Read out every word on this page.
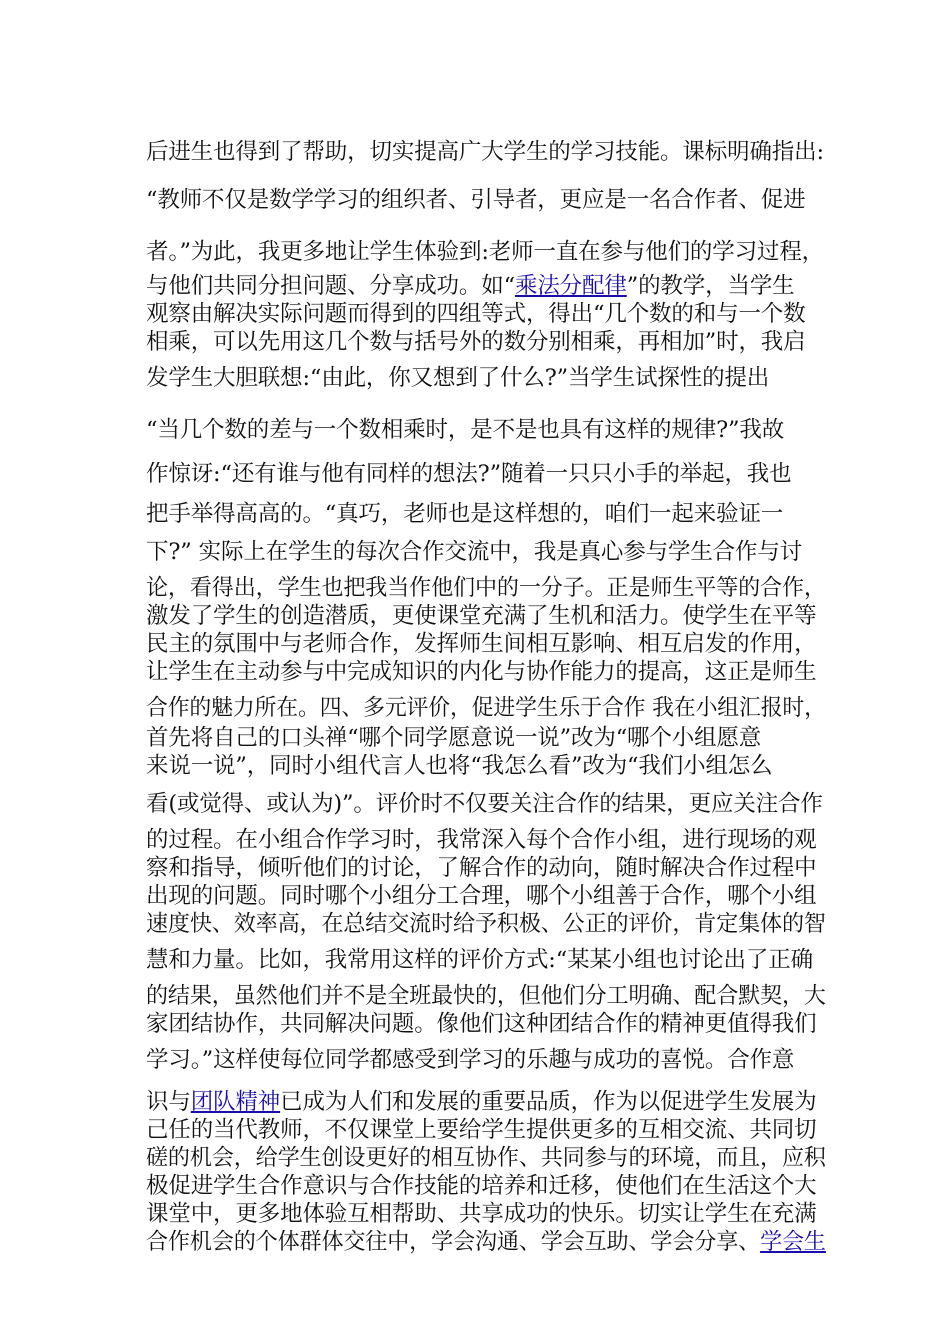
后进生也得到了帮助，切实提高广大学生的学习技能。课标明确指出:

“教师不仅是数学学习的组织者、引导者，更应是一名合作者、促进

者。”为此，我更多地让学生体验到:老师一直在参与他们的学习过程，

与他们共同分担问题、分享成功。如“乘法分配律”的教学，当学生

观察由解决实际问题而得到的四组等式，得出“几个数的和与一个数

相乘，可以先用这几个数与括号外的数分别相乘，再相加”时，我启

发学生大胆联想:“由此，你又想到了什么?”当学生试探性的提出

“当几个数的差与一个数相乘时，是不是也具有这样的规律?”我故

作惊讶:“还有谁与他有同样的想法?”随着一只只小手的举起，我也

把手举得高高的。“真巧，老师也是这样想的，咱们一起来验证一

下?” 实际上在学生的每次合作交流中，我是真心参与学生合作与讨

论，看得出，学生也把我当作他们中的一分子。正是师生平等的合作，

激发了学生的创造潜质，更使课堂充满了生机和活力。使学生在平等

民主的氛围中与老师合作，发挥师生间相互影响、相互启发的作用，

让学生在主动参与中完成知识的内化与协作能力的提高，这正是师生

合作的魅力所在。四、多元评价，促进学生乐于合作 我在小组汇报时，

首先将自己的口头禅“哪个同学愿意说一说”改为“哪个小组愿意

来说一说”，同时小组代言人也将“我怎么看”改为“我们小组怎么

看(或觉得、或认为)”。评价时不仅要关注合作的结果，更应关注合作

的过程。在小组合作学习时，我常深入每个合作小组，进行现场的观

察和指导，倾听他们的讨论，了解合作的动向，随时解决合作过程中

出现的问题。同时哪个小组分工合理，哪个小组善于合作，哪个小组

速度快、效率高，在总结交流时给予积极、公正的评价，肯定集体的智

慧和力量。比如，我常用这样的评价方式:“某某小组也讨论出了正确

的结果，虽然他们并不是全班最快的，但他们分工明确、配合默契，大

家团结协作，共同解决问题。像他们这种团结合作的精神更值得我们

学习。”这样使每位同学都感受到学习的乐趣与成功的喜悦。合作意

识与团队精神已成为人们和发展的重要品质，作为以促进学生发展为

己任的当代教师，不仅课堂上要给学生提供更多的互相交流、共同切

磋的机会，给学生创设更好的相互协作、共同参与的环境，而且，应积

极促进学生合作意识与合作技能的培养和迁移，使他们在生活这个大

课堂中，更多地体验互相帮助、共享成功的快乐。切实让学生在充满

合作机会的个体群体交往中，学会沟通、学会互助、学会分享、学会生
